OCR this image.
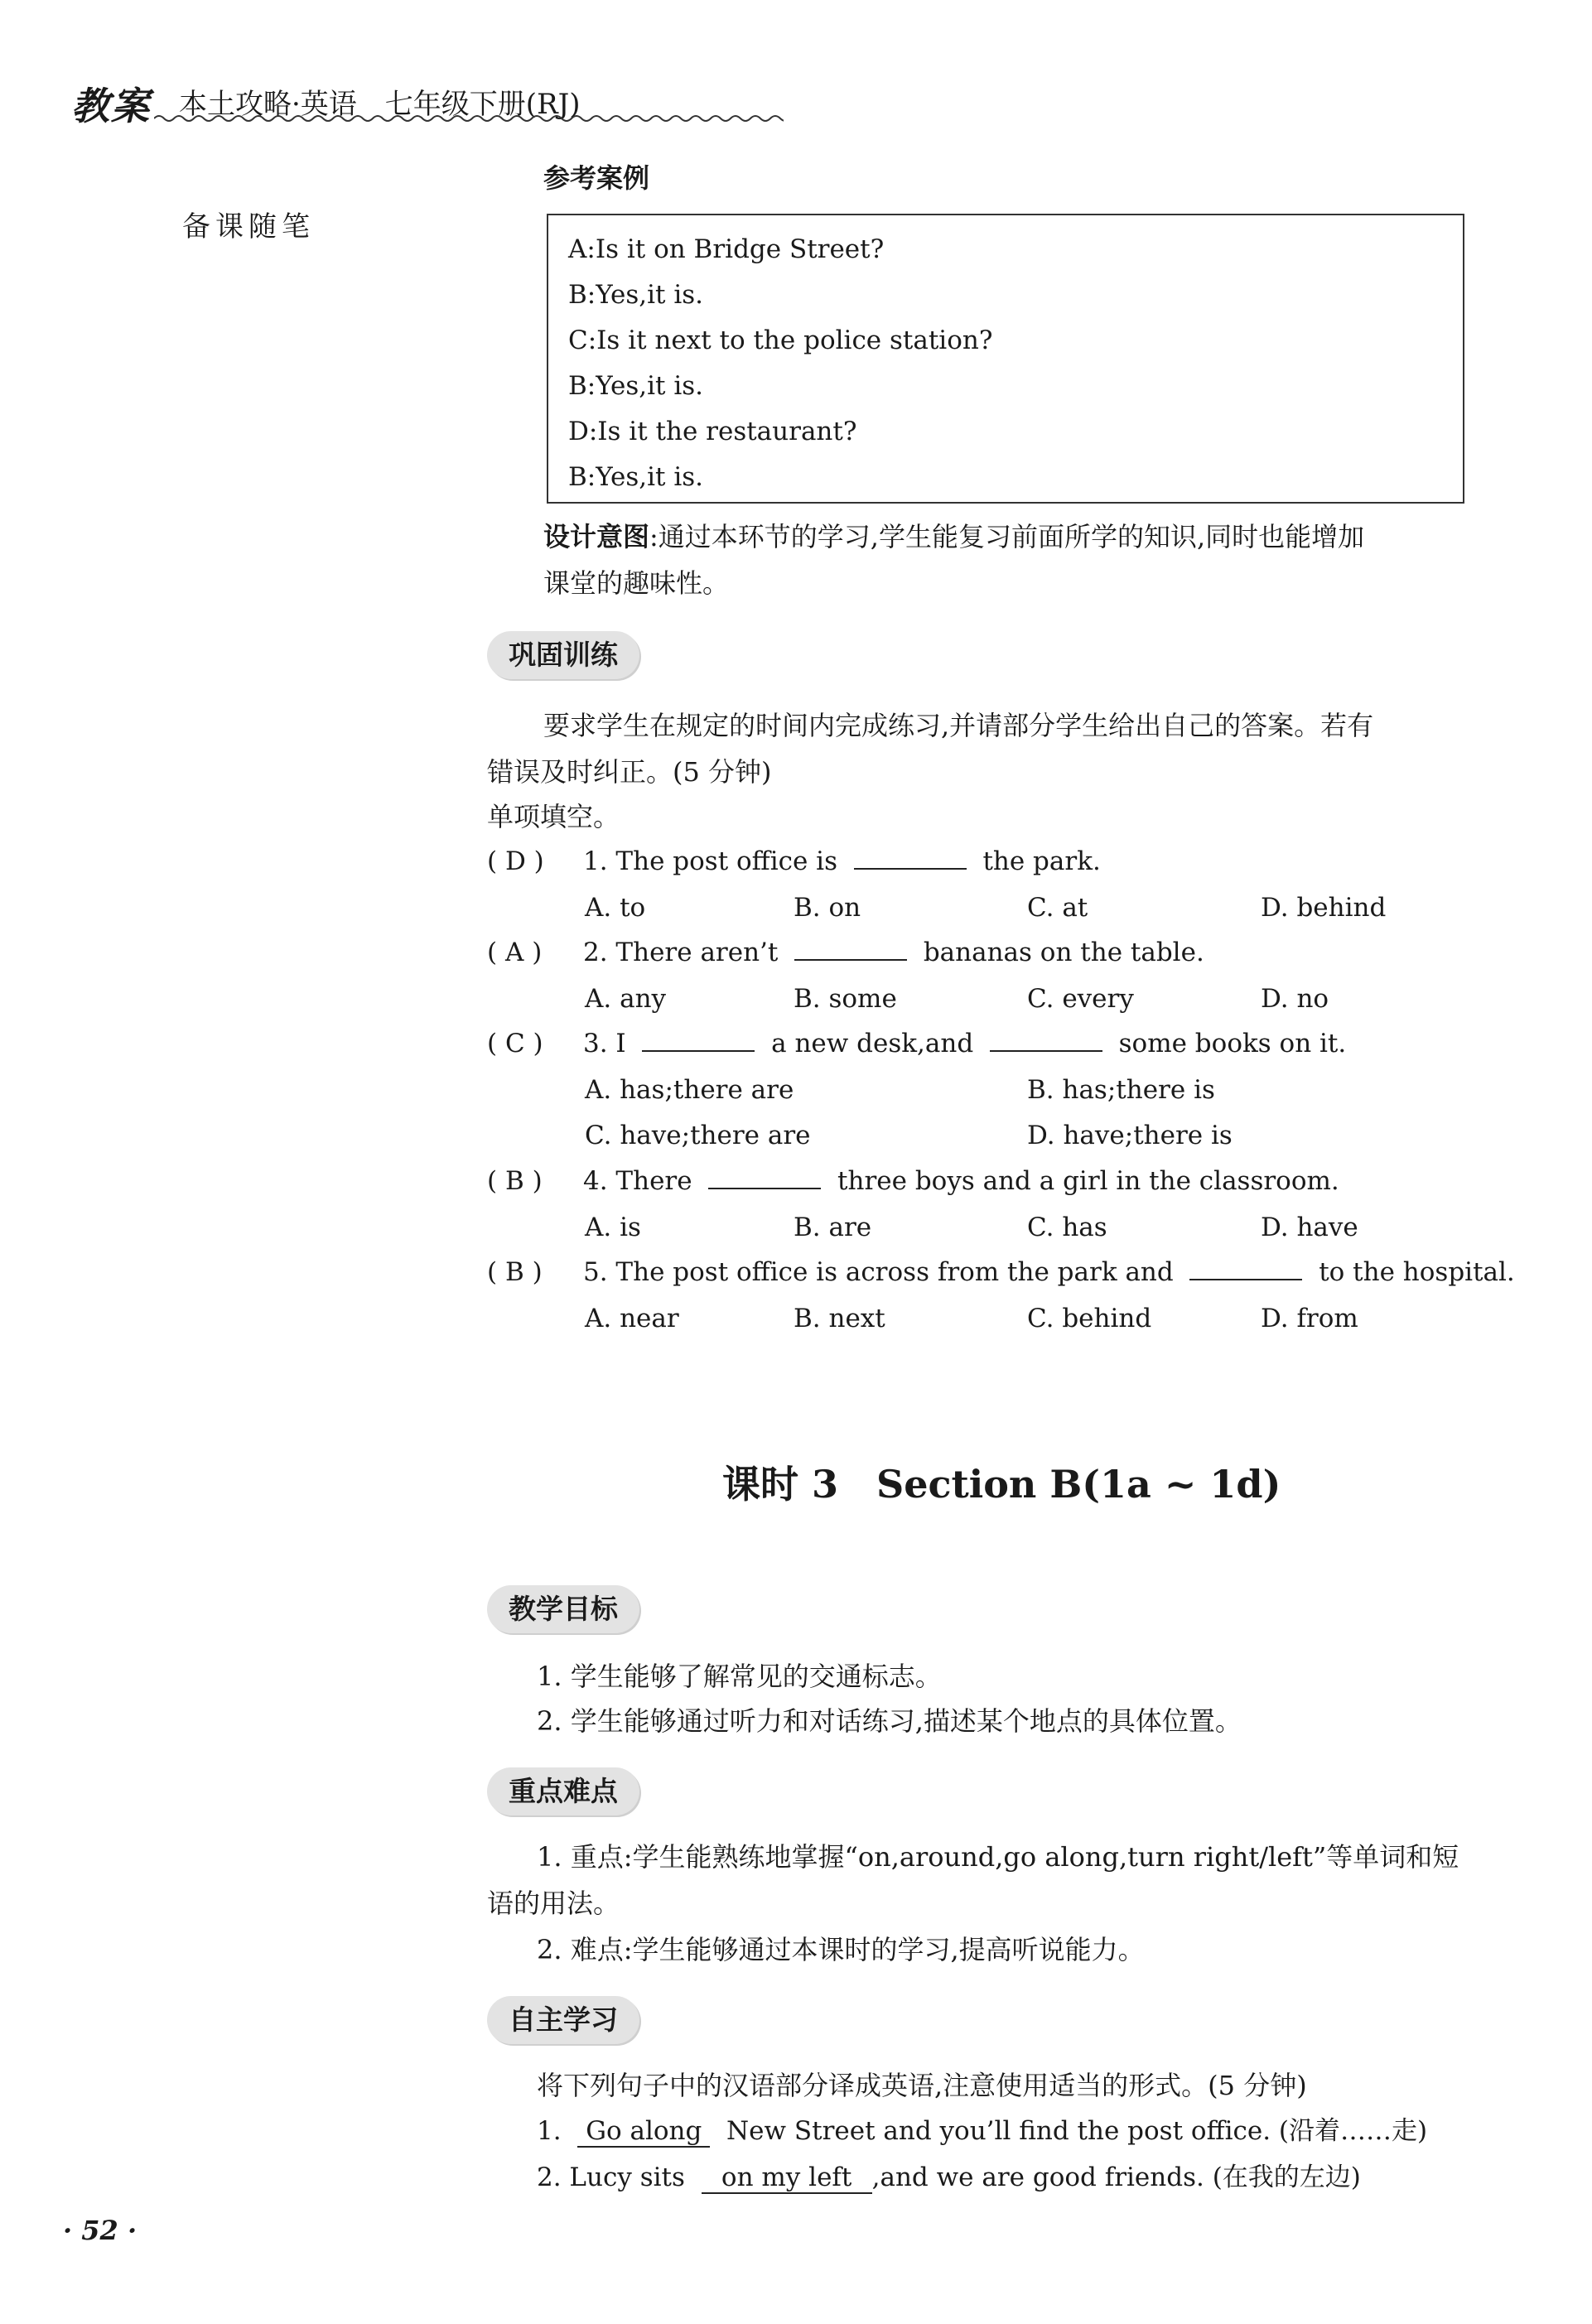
教案 本土攻略·英语　七年级下册(RJ)
备课随笔
参考案例
A:Is it on Bridge Street?
B:Yes,it is.
C:Is it next to the police station?
B:Yes,it is.
D:Is it the restaurant?
B:Yes,it is.
设计意图:通过本环节的学习,学生能复习前面所学的知识,同时也能增加
课堂的趣味性。
巩固训练
要求学生在规定的时间内完成练习,并请部分学生给出自己的答案。若有
错误及时纠正。(5 分钟)
单项填空。
( D ) 1. The post office is	the park.
A. to	B. on	C. at	D. behind
( A ) 2. There aren’t	bananas on the table.
A. any	B. some	C. every	D. no
( C ) 3. I	a new desk,and	some books on it.
A. has;there are	B. has;there is
C. have;there are	D. have;there is
( B ) 4. There	three boys and a girl in the classroom.
A. is	B. are	C. has	D. have
( B ) 5. The post office is across from the park and	to the hospital.
A. near	B. next	C. behind	D. from
课时 3　Section B(1a ~ 1d)
教学目标
1. 学生能够了解常见的交通标志。
2. 学生能够通过听力和对话练习,描述某个地点的具体位置。
重点难点
1. 重点:学生能熟练地掌握“on,around,go along,turn right/left”等单词和短
语的用法。
2. 难点:学生能够通过本课时的学习,提高听说能力。
自主学习
将下列句子中的汉语部分译成英语,注意使用适当的形式。(5 分钟)
1. Go along New Street and you’ll find the post office. (沿着……走)
2. Lucy sits on my left ,and we are good friends. (在我的左边)
· 52 ·
